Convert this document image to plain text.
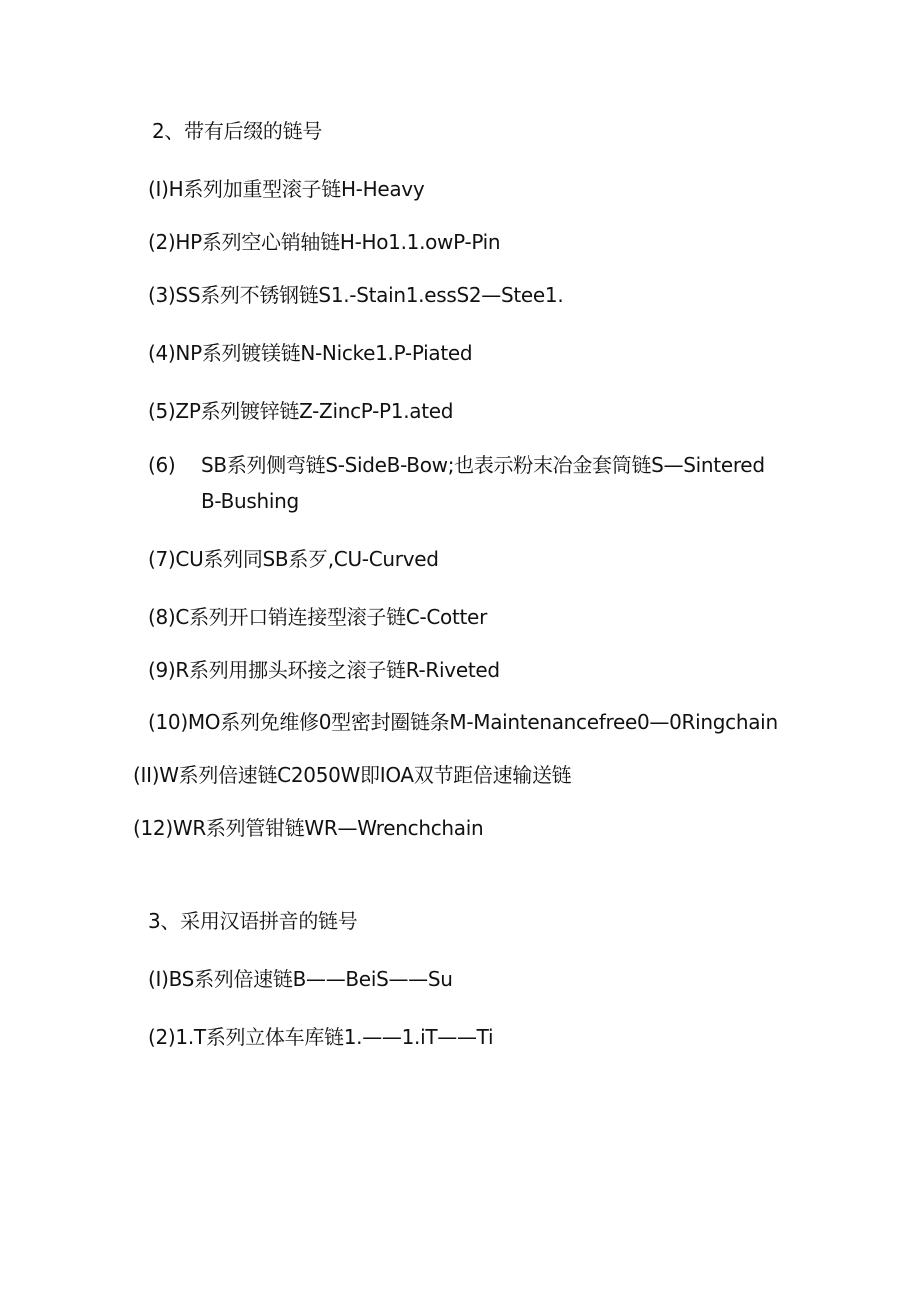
2、带有后缀的链号
(I)H系列加重型滚子链H-Heavy
(2)HP系列空心销轴链H-Ho1.1.owP-Pin
(3)SS系列不锈钢链S1.-Stain1.essS2—Stee1.
(4)NP系列镀镁链N-Nicke1.P-Piated
(5)ZP系列镀锌链Z-ZincP-P1.ated
(6) SB系列侧弯链S-SideB-Bow;也表示粉末冶金套筒链S—Sintered
B-Bushing
(7)CU系列同SB系歹,CU-Curved
(8)C系列开口销连接型滚子链C-Cotter
(9)R系列用挪头环接之滚子链R-Riveted
(10)MO系列免维修0型密封圈链条M-Maintenancefree0—0Ringchain
(II)W系列倍速链C2050W即IOA双节距倍速输送链
(12)WR系列管钳链WR—Wrenchchain
3、采用汉语拼音的链号
(I)BS系列倍速链B——BeiS——Su
(2)1.T系列立体车库链1.——1.iT——Ti
